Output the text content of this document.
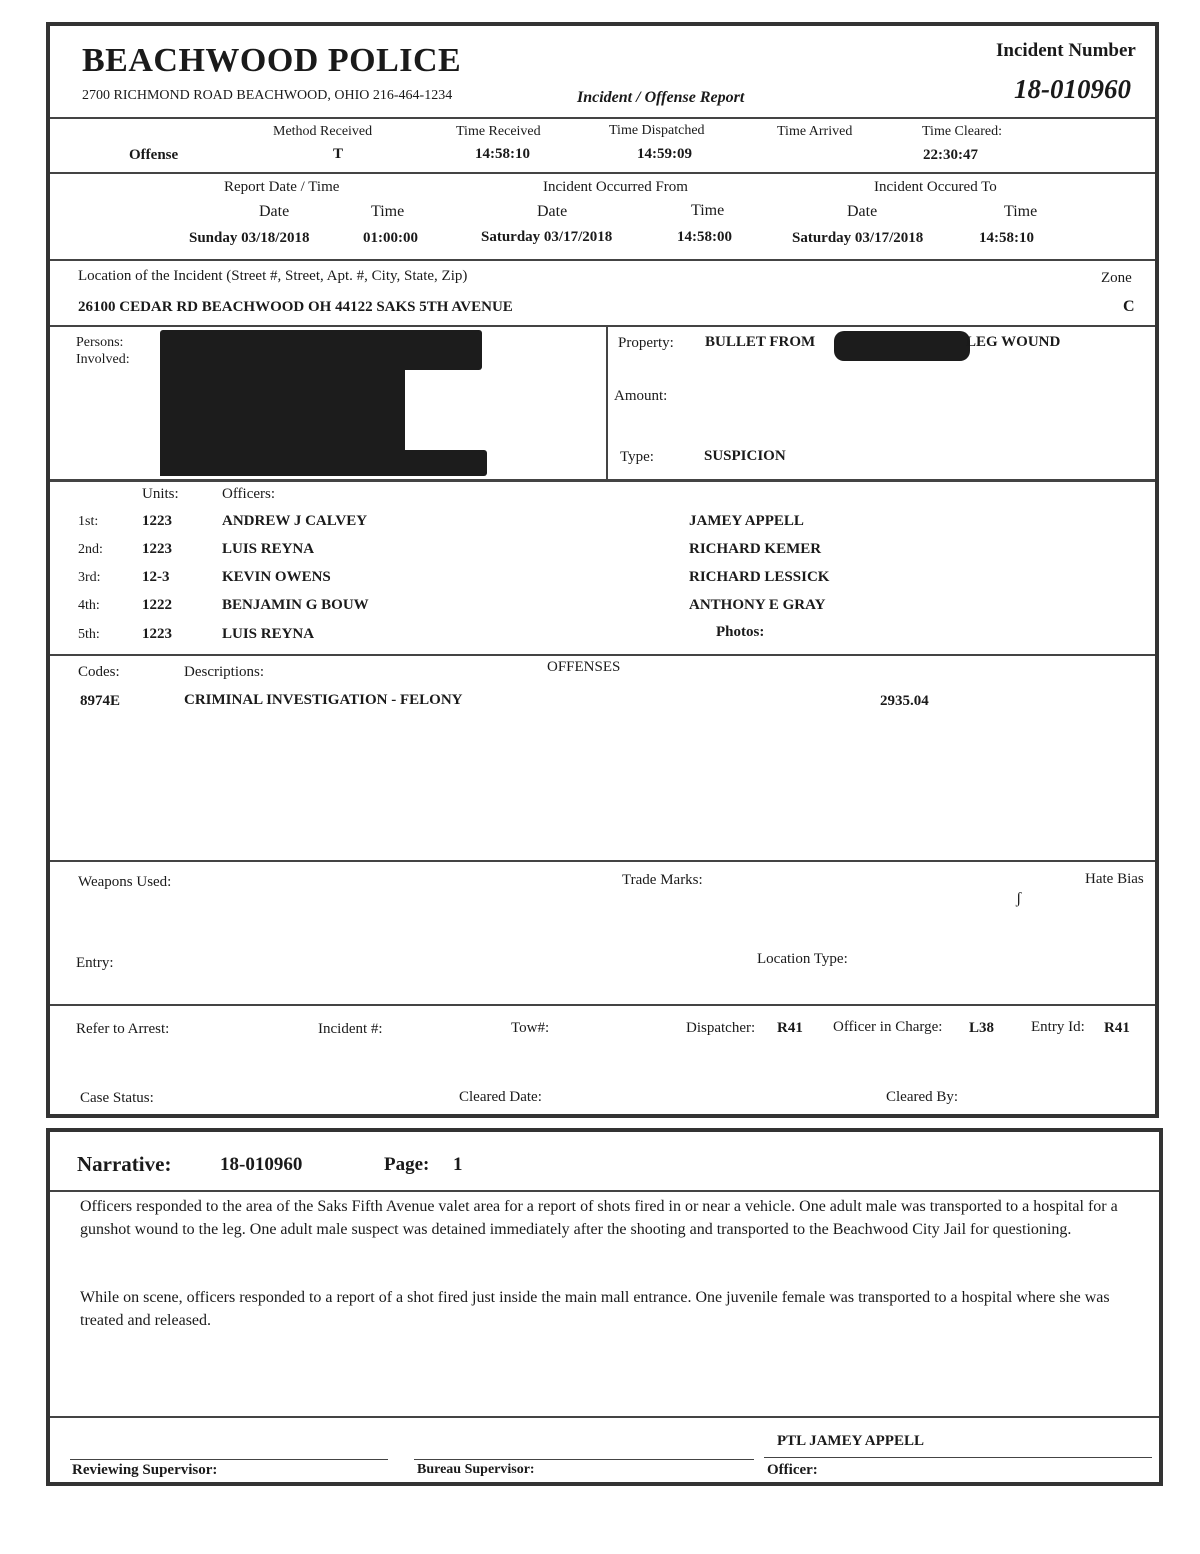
BEACHWOOD POLICE
2700 RICHMOND ROAD BEACHWOOD, OHIO 216-464-1234	Incident / Offense Report
Incident Number
18-010960
Offense
Method Received
T
Time Received
14:58:10
Time Dispatched
14:59:09
Time Arrived	Time Cleared:
22:30:47
Report Date / Time	Incident Occurred From	Incident Occured To
Date	Time	Date	Time	Date	Time
Sunday 03/18/2018	01:00:00	Saturday 03/17/2018	14:58:00	Saturday 03/17/2018	14:58:10
Location of the Incident (Street #, Street, Apt. #, City, State, Zip)
26100 CEDAR RD BEACHWOOD OH 44122 SAKS 5TH AVENUE
Zone
C
Persons:
Involved:
Property: BULLET FROM	LEG WOUND
Amount:
Type:	SUSPICION
Units:	Officers:
1st:	1223	ANDREW J CALVEY	JAMEY APPELL
2nd:	1223	LUIS REYNA	RICHARD KEMER
3rd:	12-3	KEVIN OWENS	RICHARD LESSICK
4th:	1222	BENJAMIN G BOUW	ANTHONY E GRAY
5th:	1223	LUIS REYNA	Photos:
Codes:	Descriptions:	OFFENSES
8974E	CRIMINAL INVESTIGATION - FELONY	2935.04
Weapons Used:	Trade Marks:	Hate Bias
ʃ
Entry:	Location Type:
Refer to Arrest:	Incident #:	Tow#:	Dispatcher: R41 Officer in Charge: L38 Entry Id: R41
Case Status:	Cleared Date:	Cleared By:
Narrative:	18-010960	Page: 1
Officers responded to the area of the Saks Fifth Avenue valet area for a report of shots fired in or near a vehicle. One adult male was transported to a hospital for a gunshot wound to the leg. One adult male suspect was detained immediately after the shooting and transported to the Beachwood City Jail for questioning.
While on scene, officers responded to a report of a shot fired just inside the main mall entrance. One juvenile female was transported to a hospital where she was treated and released.
Reviewing Supervisor:	Bureau Supervisor:
PTL JAMEY APPELL
Officer:
